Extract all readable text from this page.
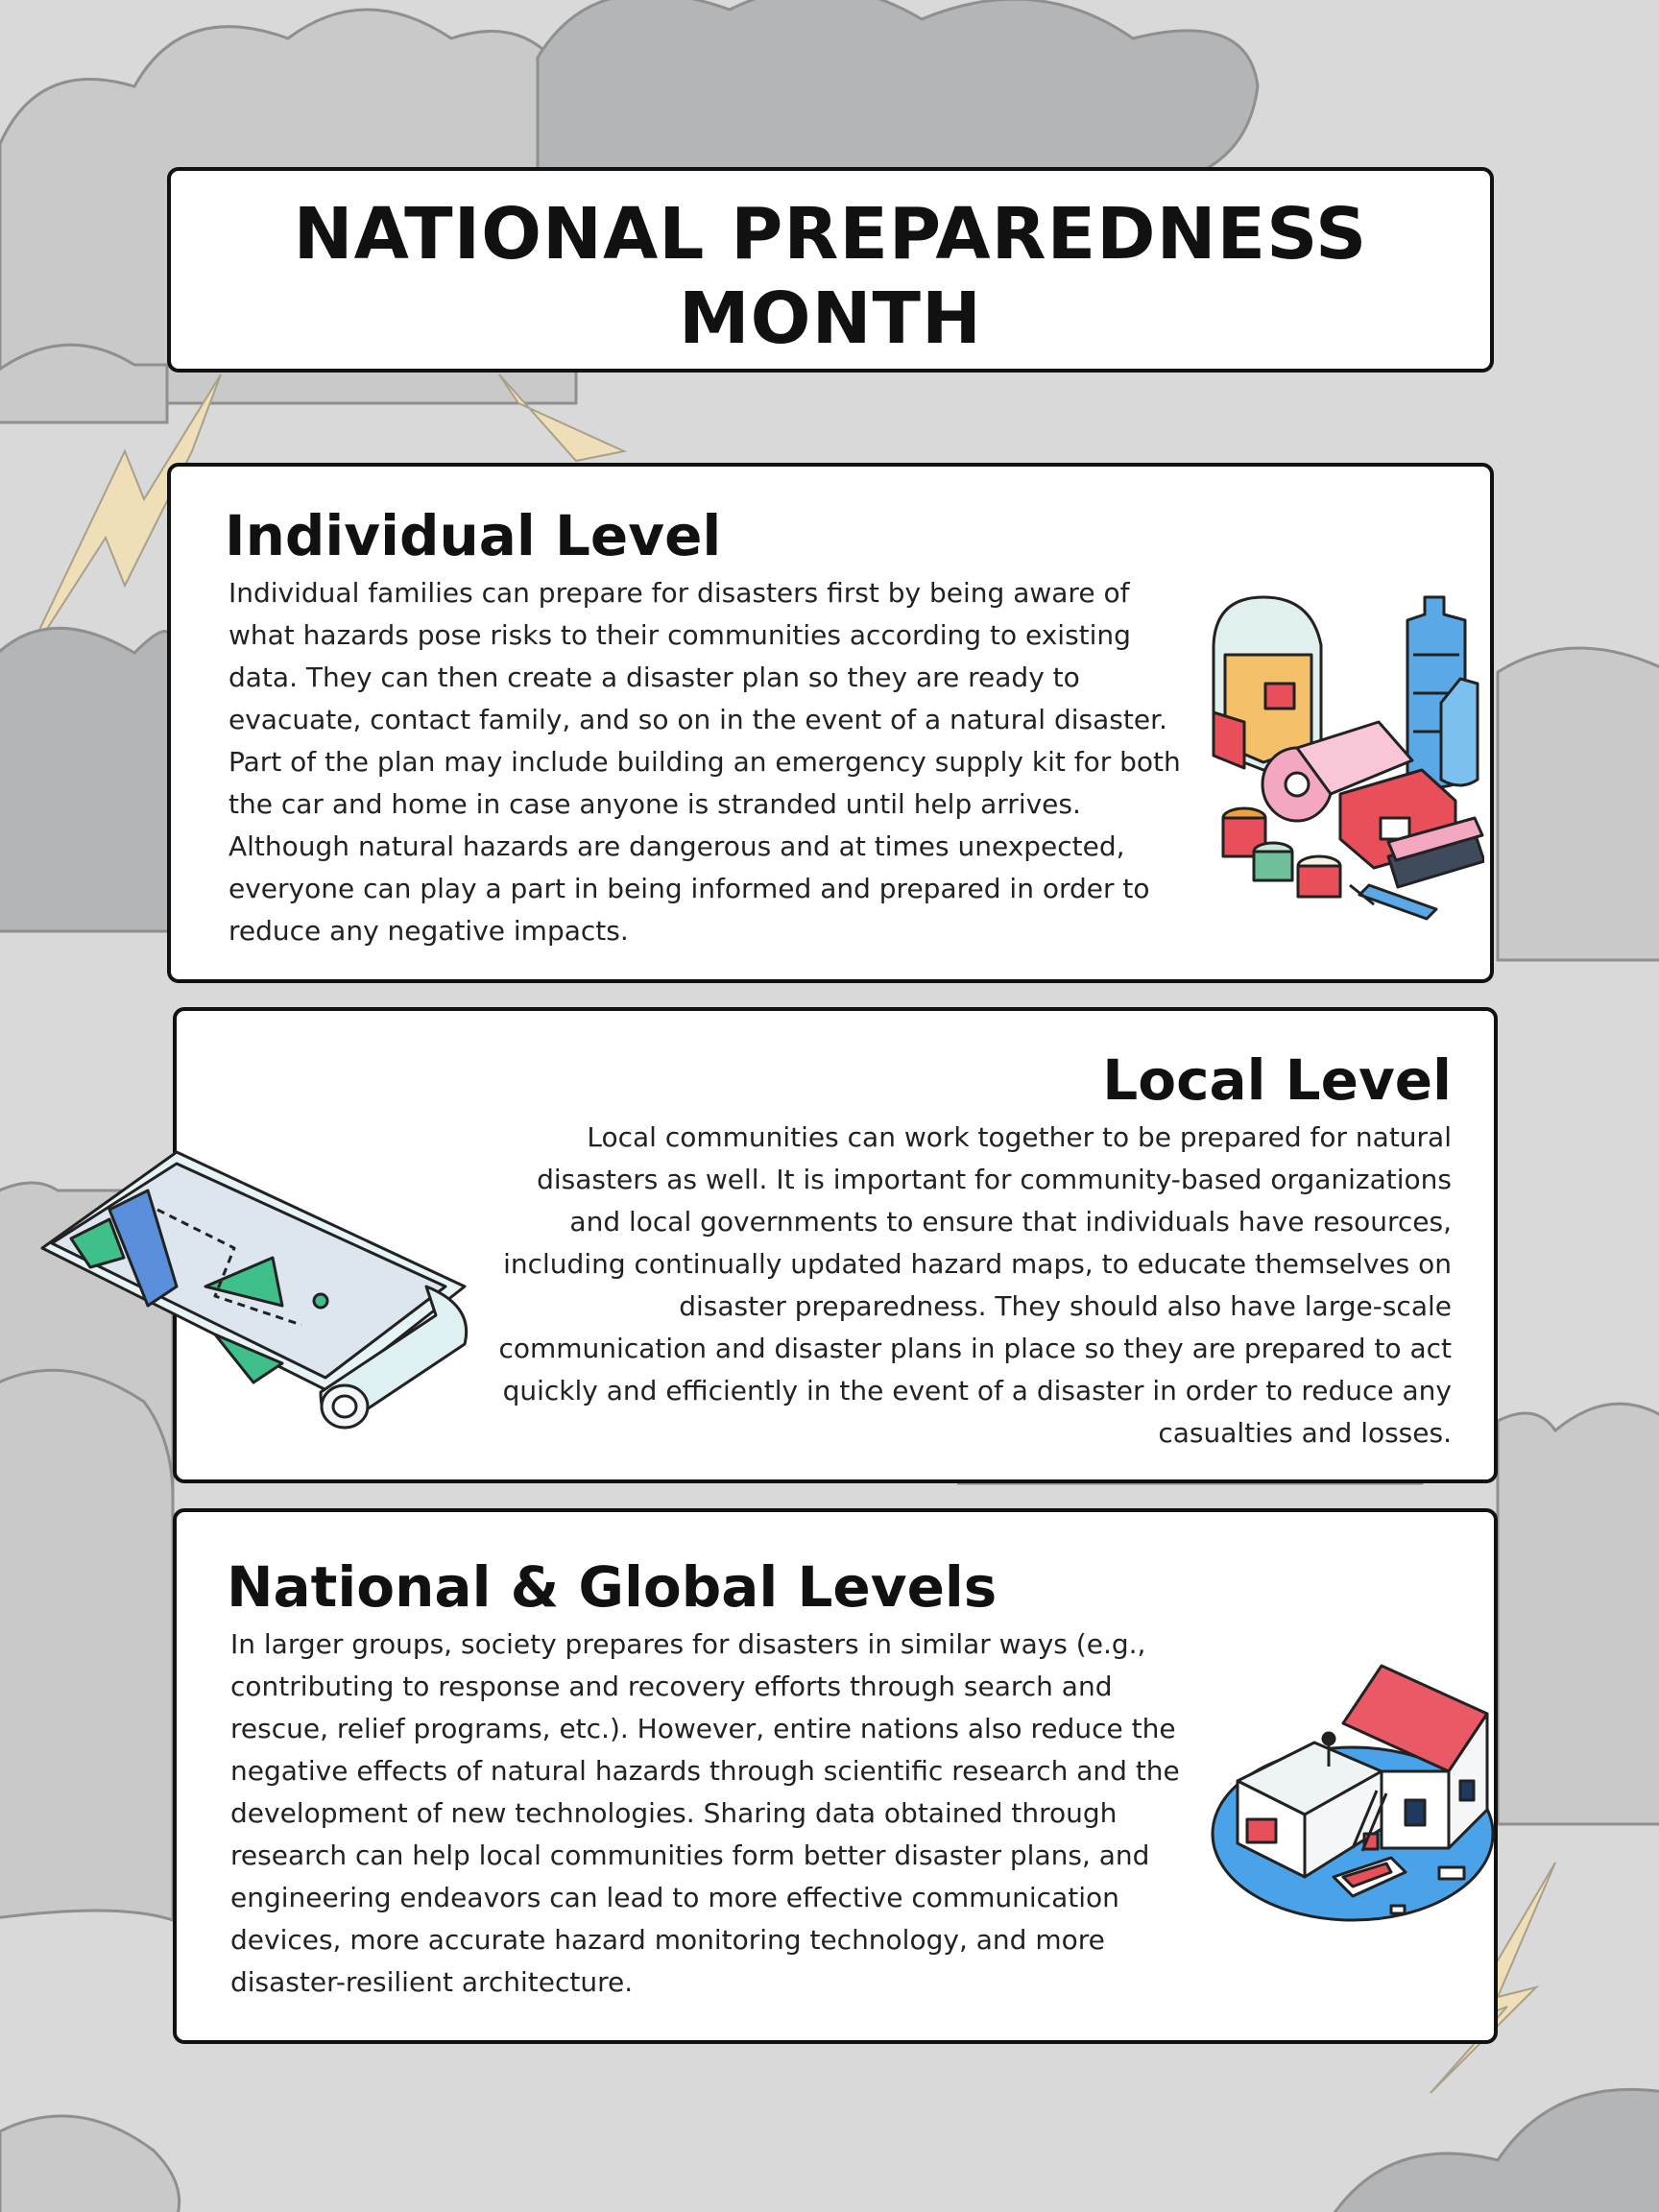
NATIONAL PREPAREDNESS MONTH
Individual Level

Individual families can prepare for disasters first by being aware of what hazards pose risks to their communities according to existing data. They can then create a disaster plan so they are ready to evacuate, contact family, and so on in the event of a natural disaster. Part of the plan may include building an emergency supply kit for both the car and home in case anyone is stranded until help arrives. Although natural hazards are dangerous and at times unexpected, everyone can play a part in being informed and prepared in order to reduce any negative impacts.

Local Level

Local communities can work together to be prepared for natural disasters as well. It is important for community-based organizations and local governments to ensure that individuals have resources, including continually updated hazard maps, to educate themselves on disaster preparedness. They should also have large-scale communication and disaster plans in place so they are prepared to act quickly and efficiently in the event of a disaster in order to reduce any casualties and losses.

National & Global Levels

In larger groups, society prepares for disasters in similar ways (e.g., contributing to response and recovery efforts through search and rescue, relief programs, etc.). However, entire nations also reduce the negative effects of natural hazards through scientific research and the development of new technologies. Sharing data obtained through research can help local communities form better disaster plans, and engineering endeavors can lead to more effective communication devices, more accurate hazard monitoring technology, and more disaster-resilient architecture.
